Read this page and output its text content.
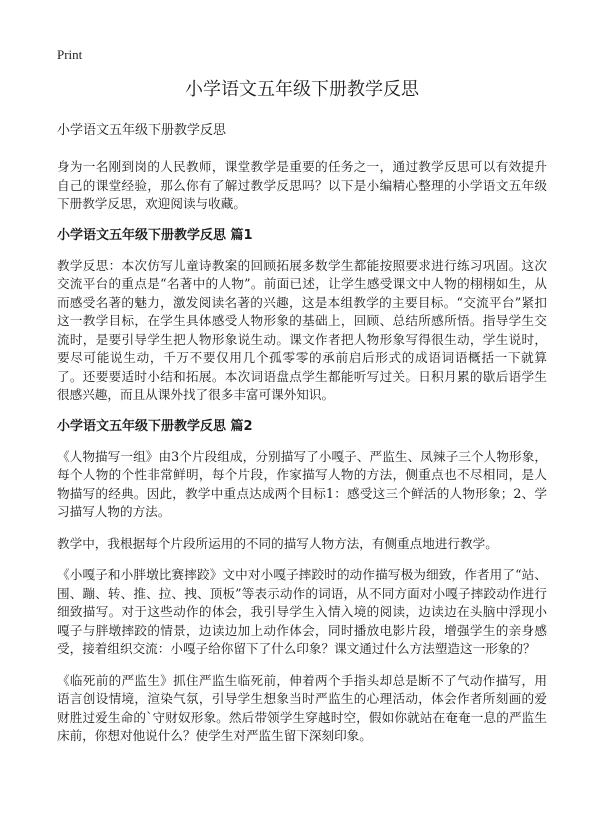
Print
小学语文五年级下册教学反思
小学语文五年级下册教学反思

身为一名刚到岗的人民教师，课堂教学是重要的任务之一，通过教学反思可以有效提升自己的课堂经验，那么你有了解过教学反思吗？以下是小编精心整理的小学语文五年级下册教学反思，欢迎阅读与收藏。

小学语文五年级下册教学反思 篇1

教学反思：本次仿写儿童诗教案的回顾拓展多数学生都能按照要求进行练习巩固。这次交流平台的重点是“名著中的人物”。前面已述，让学生感受课文中人物的栩栩如生，从而感受名著的魅力，激发阅读名著的兴趣，这是本组教学的主要目标。“交流平台”紧扣这一教学目标，在学生具体感受人物形象的基础上，回顾、总结所感所悟。指导学生交流时，是要引导学生把人物形象说生动。课文作者把人物形象写得很生动，学生说时，要尽可能说生动，千万不要仅用几个孤零零的承前启后形式的成语词语概括一下就算了。还要要适时小结和拓展。本次词语盘点学生都能听写过关。日积月累的歇后语学生很感兴趣，而且从课外找了很多丰富可课外知识。

小学语文五年级下册教学反思 篇2

《人物描写一组》由3个片段组成，分别描写了小嘎子、严监生、凤辣子三个人物形象，每个人物的个性非常鲜明，每个片段，作家描写人物的方法，侧重点也不尽相同，是人物描写的经典。因此，教学中重点达成两个目标1：感受这三个鲜活的人物形象；2、学习描写人物的方法。

教学中，我根据每个片段所运用的不同的描写人物方法，有侧重点地进行教学。

《小嘎子和小胖墩比赛摔跤》文中对小嘎子摔跤时的动作描写极为细致，作者用了“站、围、蹦、转、推、拉、拽、顶板”等表示动作的词语，从不同方面对小嘎子摔跤动作进行细致描写。对于这些动作的体会，我引导学生入情入境的阅读，边读边在头脑中浮现小嘎子与胖墩摔跤的情景，边读边加上动作体会，同时播放电影片段，增强学生的亲身感受，接着组织交流：小嘎子给你留下了什么印象？课文通过什么方法塑造这一形象的？

《临死前的严监生》抓住严监生临死前，伸着两个手指头却总是断不了气动作描写，用语言创设情境，渲染气氛，引导学生想象当时严监生的心理活动，体会作者所刻画的爱财胜过爱生命的`守财奴形象。然后带领学生穿越时空，假如你就站在奄奄一息的严监生床前，你想对他说什么？使学生对严监生留下深刻印象。
